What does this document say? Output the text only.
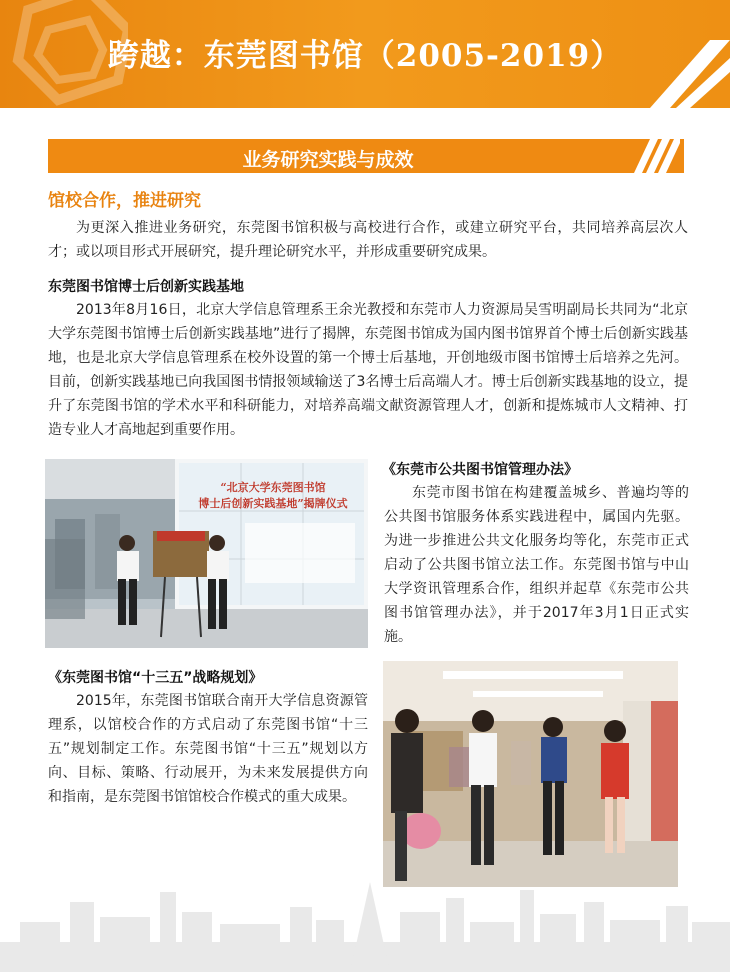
跨越：东莞图书馆（2005-2019）
业务研究实践与成效
馆校合作，推进研究
为更深入推进业务研究，东莞图书馆积极与高校进行合作，或建立研究平台，共同培养高层次人才；或以项目形式开展研究，提升理论研究水平，并形成重要研究成果。
东莞图书馆博士后创新实践基地
2013年8月16日，北京大学信息管理系王余光教授和东莞市人力资源局吴雪明副局长共同为“北京大学东莞图书馆博士后创新实践基地”进行了揭牌，东莞图书馆成为国内图书馆界首个博士后创新实践基地，也是北京大学信息管理系在校外设置的第一个博士后基地，开创地级市图书馆博士后培养之先河。目前，创新实践基地已向我国图书情报领域输送了3名博士后高端人才。博士后创新实践基地的设立，提升了东莞图书馆的学术水平和科研能力，对培养高端文献资源管理人才，创新和提炼城市人文精神、打造专业人才高地起到重要作用。
“北京大学东莞图书馆
博士后创新实践基地”揭牌仪式
《东莞市公共图书馆管理办法》
东莞市图书馆在构建覆盖城乡、普遍均等的公共图书馆服务体系实践进程中，属国内先驱。为进一步推进公共文化服务均等化，东莞市正式启动了公共图书馆立法工作。东莞图书馆与中山大学资讯管理系合作，组织并起草《东莞市公共图书馆管理办法》，并于2017年3月1日正式实施。
《东莞图书馆“十三五”战略规划》
2015年，东莞图书馆联合南开大学信息资源管理系，以馆校合作的方式启动了东莞图书馆“十三五”规划制定工作。东莞图书馆“十三五”规划以方向、目标、策略、行动展开，为未来发展提供方向和指南，是东莞图书馆馆校合作模式的重大成果。
